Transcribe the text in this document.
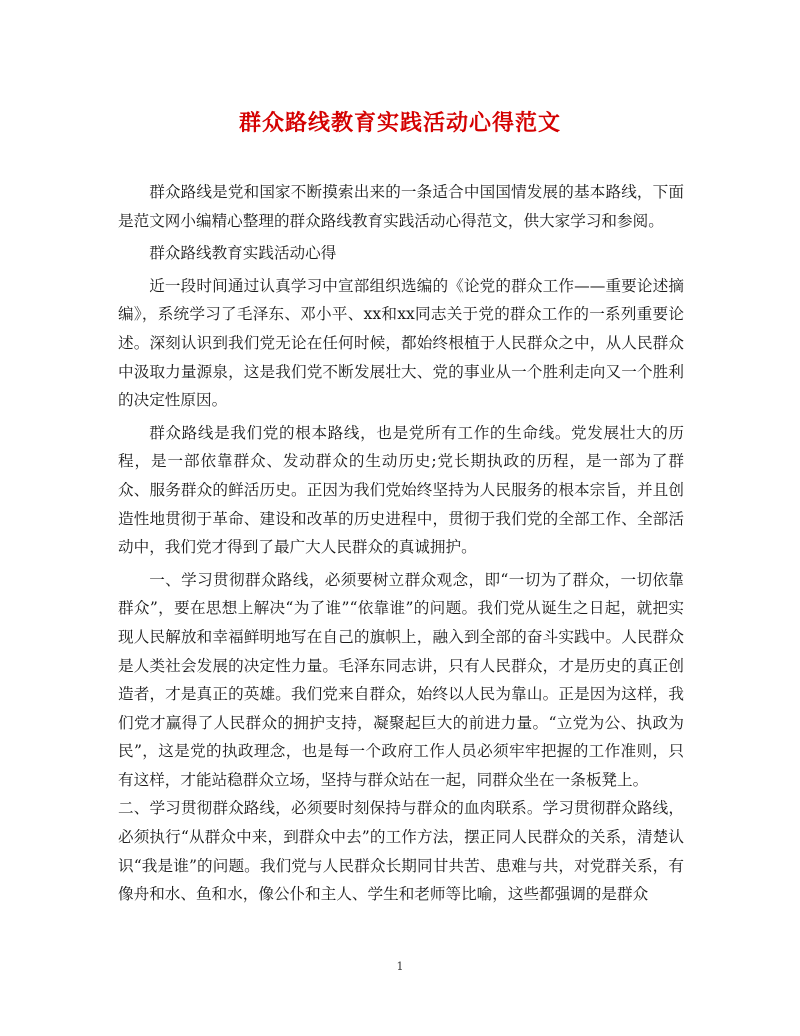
群众路线教育实践活动心得范文

群众路线是党和国家不断摸索出来的一条适合中国国情发展的基本路线，下面是范文网小编精心整理的群众路线教育实践活动心得范文，供大家学习和参阅。

群众路线教育实践活动心得

近一段时间通过认真学习中宣部组织选编的《论党的群众工作——重要论述摘编》，系统学习了毛泽东、邓小平、xx和xx同志关于党的群众工作的一系列重要论述。深刻认识到我们党无论在任何时候，都始终根植于人民群众之中，从人民群众中汲取力量源泉，这是我们党不断发展壮大、党的事业从一个胜利走向又一个胜利的决定性原因。

群众路线是我们党的根本路线，也是党所有工作的生命线。党发展壮大的历程，是一部依靠群众、发动群众的生动历史;党长期执政的历程，是一部为了群众、服务群众的鲜活历史。正因为我们党始终坚持为人民服务的根本宗旨，并且创造性地贯彻于革命、建设和改革的历史进程中，贯彻于我们党的全部工作、全部活动中，我们党才得到了最广大人民群众的真诚拥护。

一、学习贯彻群众路线，必须要树立群众观念，即“一切为了群众，一切依靠群众”，要在思想上解决“为了谁”“依靠谁”的问题。我们党从诞生之日起，就把实现人民解放和幸福鲜明地写在自己的旗帜上，融入到全部的奋斗实践中。人民群众是人类社会发展的决定性力量。毛泽东同志讲，只有人民群众，才是历史的真正创造者，才是真正的英雄。我们党来自群众，始终以人民为靠山。正是因为这样，我们党才赢得了人民群众的拥护支持，凝聚起巨大的前进力量。“立党为公、执政为民”，这是党的执政理念，也是每一个政府工作人员必须牢牢把握的工作准则，只有这样，才能站稳群众立场，坚持与群众站在一起，同群众坐在一条板凳上。

二、学习贯彻群众路线，必须要时刻保持与群众的血肉联系。学习贯彻群众路线，必须执行“从群众中来，到群众中去”的工作方法，摆正同人民群众的关系，清楚认识“我是谁”的问题。我们党与人民群众长期同甘共苦、患难与共，对党群关系，有像舟和水、鱼和水，像公仆和主人、学生和老师等比喻，这些都强调的是群众

1
